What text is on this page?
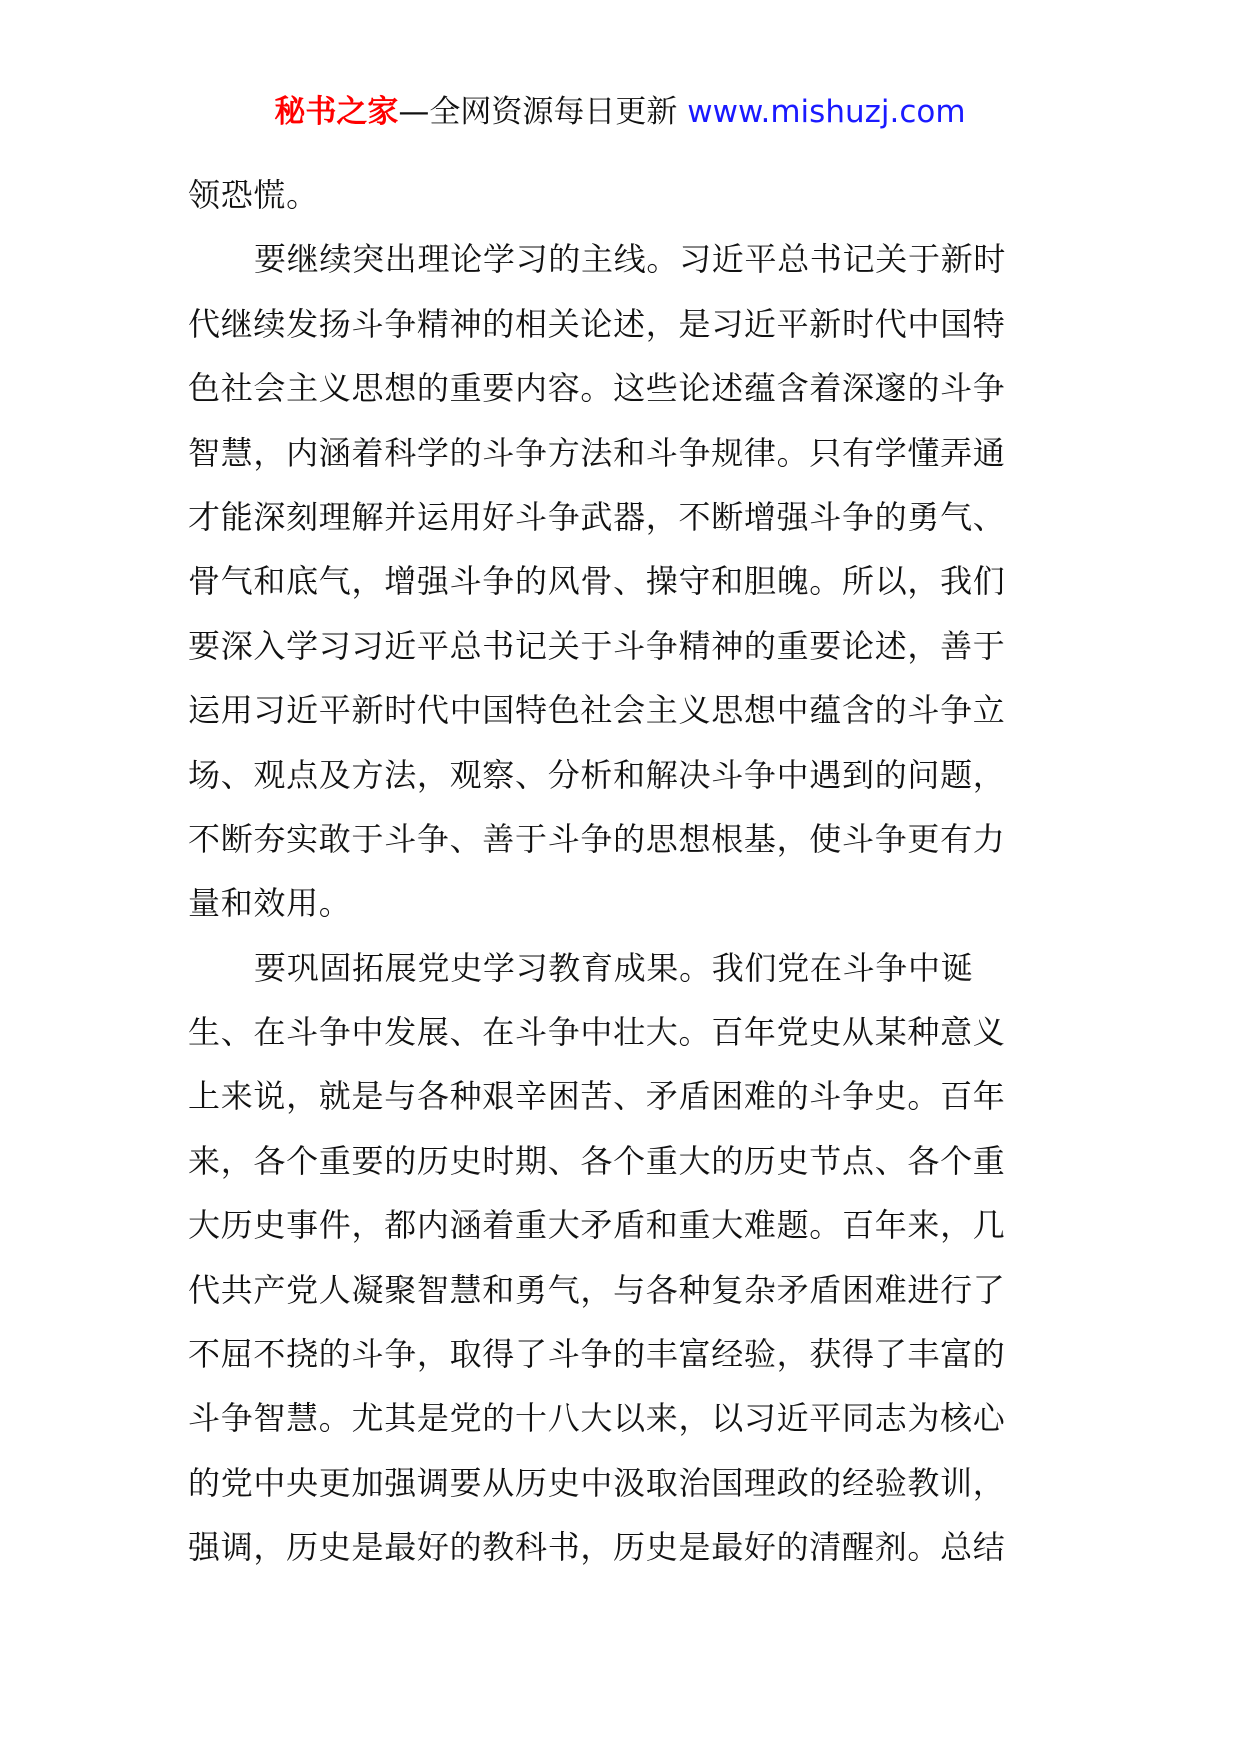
秘书之家—全网资源每日更新 www.mishuzj.com
领恐慌。
要继续突出理论学习的主线。习近平总书记关于新时
代继续发扬斗争精神的相关论述，是习近平新时代中国特
色社会主义思想的重要内容。这些论述蕴含着深邃的斗争
智慧，内涵着科学的斗争方法和斗争规律。只有学懂弄通
才能深刻理解并运用好斗争武器，不断增强斗争的勇气、
骨气和底气，增强斗争的风骨、操守和胆魄。所以，我们
要深入学习习近平总书记关于斗争精神的重要论述，善于
运用习近平新时代中国特色社会主义思想中蕴含的斗争立
场、观点及方法，观察、分析和解决斗争中遇到的问题，
不断夯实敢于斗争、善于斗争的思想根基，使斗争更有力
量和效用。
要巩固拓展党史学习教育成果。我们党在斗争中诞
生、在斗争中发展、在斗争中壮大。百年党史从某种意义
上来说，就是与各种艰辛困苦、矛盾困难的斗争史。百年
来，各个重要的历史时期、各个重大的历史节点、各个重
大历史事件，都内涵着重大矛盾和重大难题。百年来，几
代共产党人凝聚智慧和勇气，与各种复杂矛盾困难进行了
不屈不挠的斗争，取得了斗争的丰富经验，获得了丰富的
斗争智慧。尤其是党的十八大以来，以习近平同志为核心
的党中央更加强调要从历史中汲取治国理政的经验教训，
强调，历史是最好的教科书，历史是最好的清醒剂。总结
